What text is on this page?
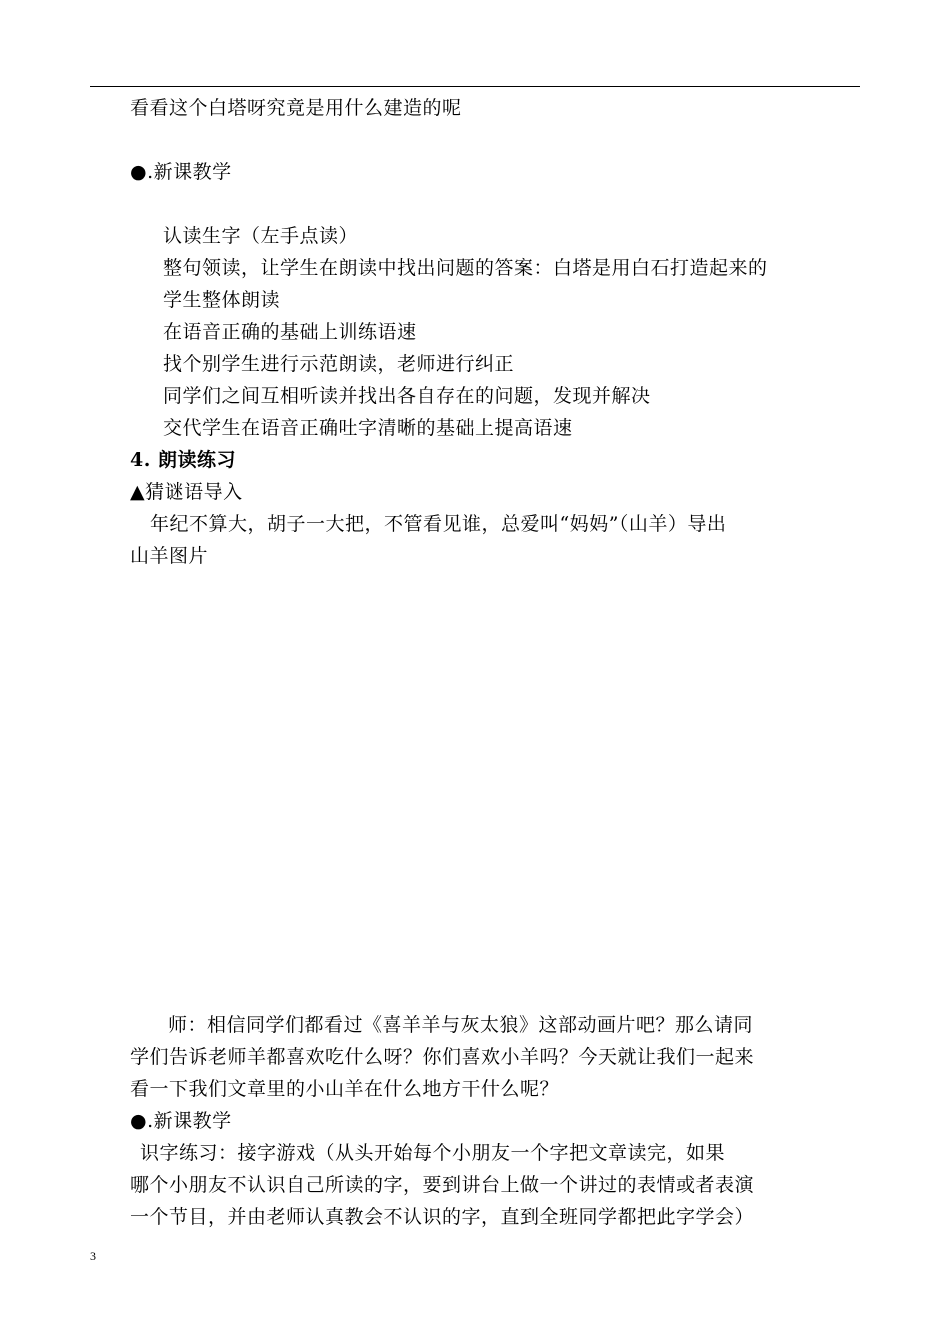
看看这个白塔呀究竟是用什么建造的呢
●.新课教学
认读生字（左手点读）
整句领读，让学生在朗读中找出问题的答案：白塔是用白石打造起来的
学生整体朗读
在语音正确的基础上训练语速
找个别学生进行示范朗读，老师进行纠正
同学们之间互相听读并找出各自存在的问题，发现并解决
交代学生在语音正确吐字清晰的基础上提高语速
4. 朗读练习
▲猜谜语导入
年纪不算大，胡子一大把，不管看见谁，总爱叫“妈妈”（山羊）导出
山羊图片
师：相信同学们都看过《喜羊羊与灰太狼》这部动画片吧？那么请同
学们告诉老师羊都喜欢吃什么呀？你们喜欢小羊吗？今天就让我们一起来
看一下我们文章里的小山羊在什么地方干什么呢？
●.新课教学
识字练习：接字游戏（从头开始每个小朋友一个字把文章读完，如果
哪个小朋友不认识自己所读的字，要到讲台上做一个讲过的表情或者表演
一个节目，并由老师认真教会不认识的字，直到全班同学都把此字学会）
3
